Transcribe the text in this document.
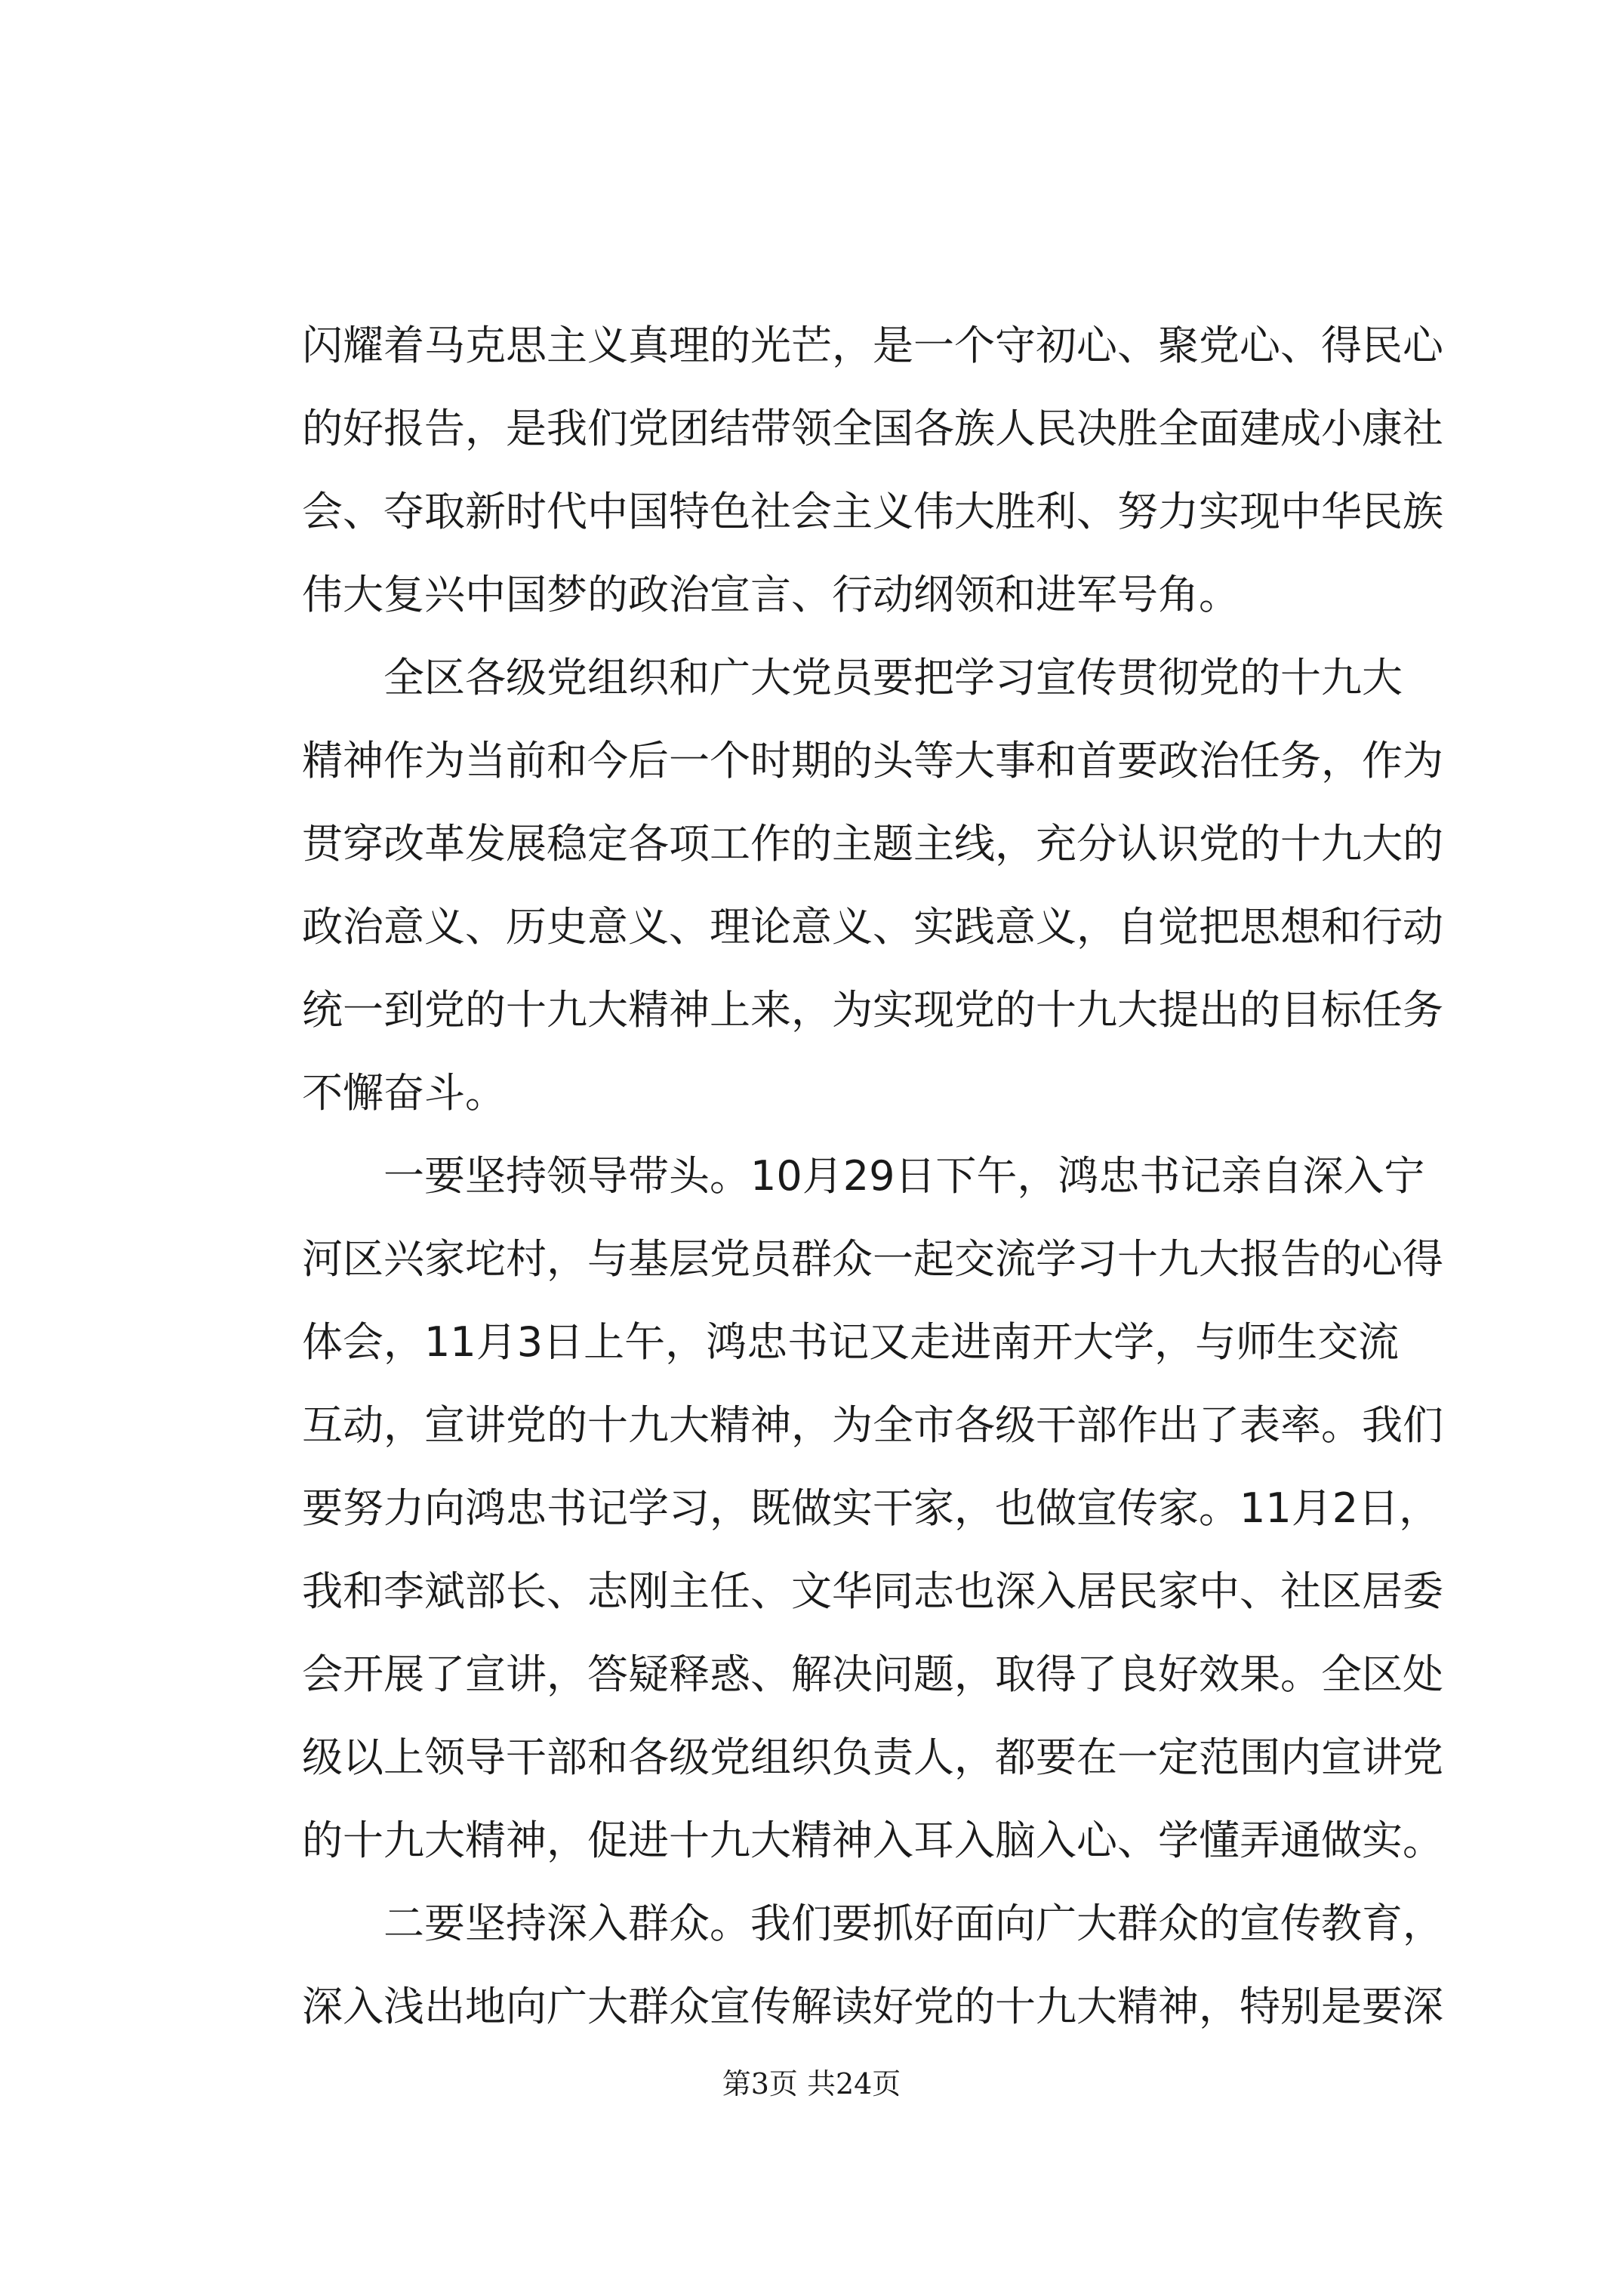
闪耀着马克思主义真理的光芒，是一个守初心、聚党心、得民心
的好报告，是我们党团结带领全国各族人民决胜全面建成小康社
会、夺取新时代中国特色社会主义伟大胜利、努力实现中华民族
伟大复兴中国梦的政治宣言、行动纲领和进军号角。
　　全区各级党组织和广大党员要把学习宣传贯彻党的十九大
精神作为当前和今后一个时期的头等大事和首要政治任务，作为
贯穿改革发展稳定各项工作的主题主线，充分认识党的十九大的
政治意义、历史意义、理论意义、实践意义，自觉把思想和行动
统一到党的十九大精神上来，为实现党的十九大提出的目标任务
不懈奋斗。
　　一要坚持领导带头。10月29日下午，鸿忠书记亲自深入宁
河区兴家坨村，与基层党员群众一起交流学习十九大报告的心得
体会，11月3日上午，鸿忠书记又走进南开大学，与师生交流
互动，宣讲党的十九大精神，为全市各级干部作出了表率。我们
要努力向鸿忠书记学习，既做实干家，也做宣传家。11月2日，
我和李斌部长、志刚主任、文华同志也深入居民家中、社区居委
会开展了宣讲，答疑释惑、解决问题，取得了良好效果。全区处
级以上领导干部和各级党组织负责人，都要在一定范围内宣讲党
的十九大精神，促进十九大精神入耳入脑入心、学懂弄通做实。
　　二要坚持深入群众。我们要抓好面向广大群众的宣传教育，
深入浅出地向广大群众宣传解读好党的十九大精神，特别是要深
第3页 共24页
